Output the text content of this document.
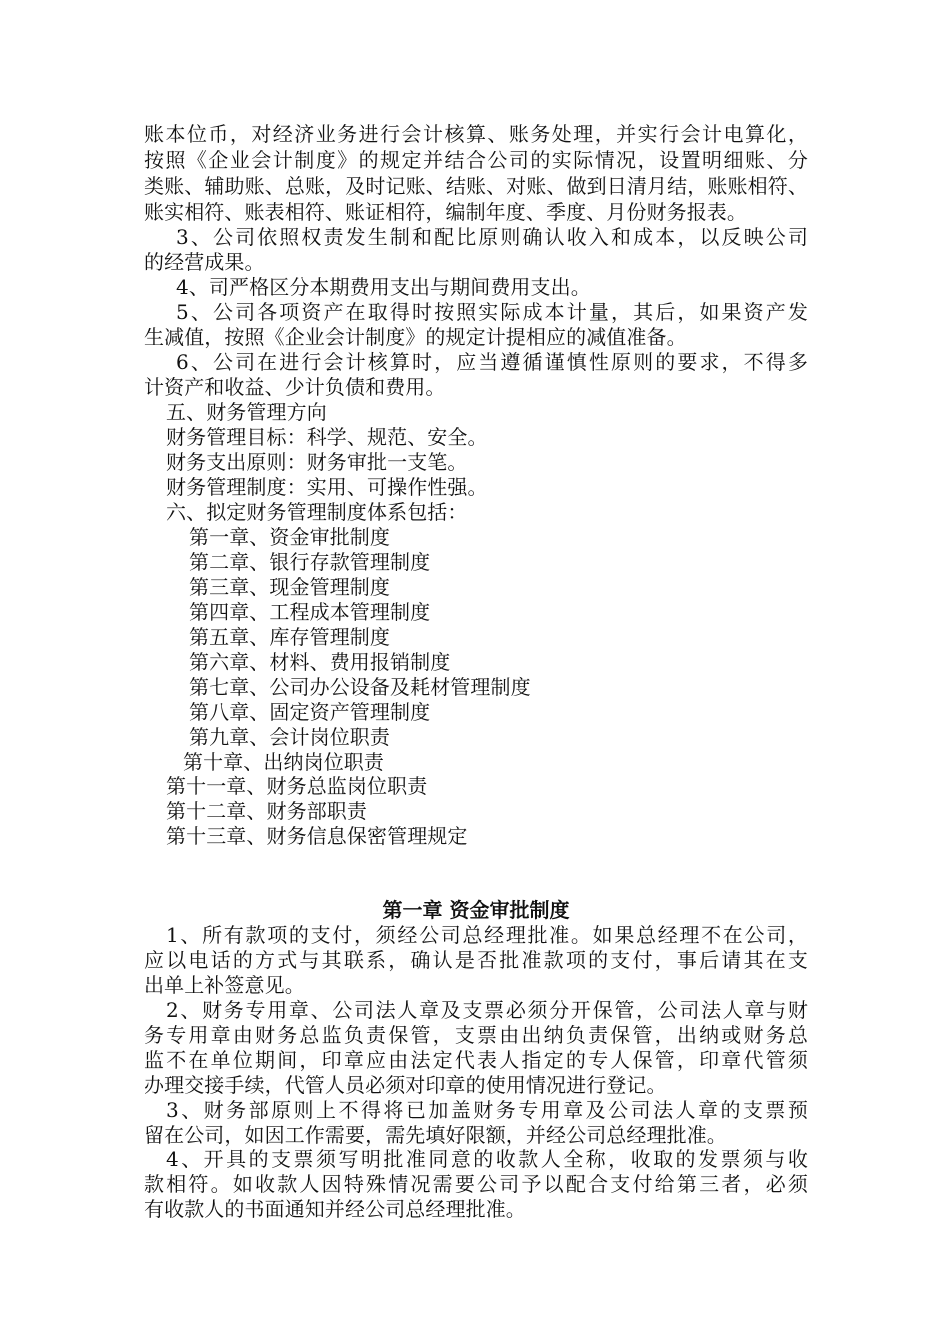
账本位币，对经济业务进行会计核算、账务处理，并实行会计电算化，
按照《企业会计制度》的规定并结合公司的实际情况，设置明细账、分
类账、辅助账、总账，及时记账、结账、对账、做到日清月结，账账相符、
账实相符、账表相符、账证相符，编制年度、季度、月份财务报表。
3、公司依照权责发生制和配比原则确认收入和成本，以反映公司
的经营成果。
4、司严格区分本期费用支出与期间费用支出。
5、公司各项资产在取得时按照实际成本计量，其后，如果资产发
生减值，按照《企业会计制度》的规定计提相应的减值准备。
6、公司在进行会计核算时，应当遵循谨慎性原则的要求，不得多
计资产和收益、少计负债和费用。
五、财务管理方向
财务管理目标：科学、规范、安全。
财务支出原则：财务审批一支笔。
财务管理制度：实用、可操作性强。
六、拟定财务管理制度体系包括：
第一章、资金审批制度
第二章、银行存款管理制度
第三章、现金管理制度
第四章、工程成本管理制度
第五章、库存管理制度
第六章、材料、费用报销制度
第七章、公司办公设备及耗材管理制度
第八章、固定资产管理制度
第九章、会计岗位职责
第十章、出纳岗位职责
第十一章、财务总监岗位职责
第十二章、财务部职责
第十三章、财务信息保密管理规定
第一章 资金审批制度
1、所有款项的支付，须经公司总经理批准。如果总经理不在公司，
应以电话的方式与其联系，确认是否批准款项的支付，事后请其在支
出单上补签意见。
2、财务专用章、公司法人章及支票必须分开保管，公司法人章与财
务专用章由财务总监负责保管，支票由出纳负责保管，出纳或财务总
监不在单位期间，印章应由法定代表人指定的专人保管，印章代管须
办理交接手续，代管人员必须对印章的使用情况进行登记。
3、财务部原则上不得将已加盖财务专用章及公司法人章的支票预
留在公司，如因工作需要，需先填好限额，并经公司总经理批准。
4、开具的支票须写明批准同意的收款人全称，收取的发票须与收
款相符。如收款人因特殊情况需要公司予以配合支付给第三者，必须
有收款人的书面通知并经公司总经理批准。
